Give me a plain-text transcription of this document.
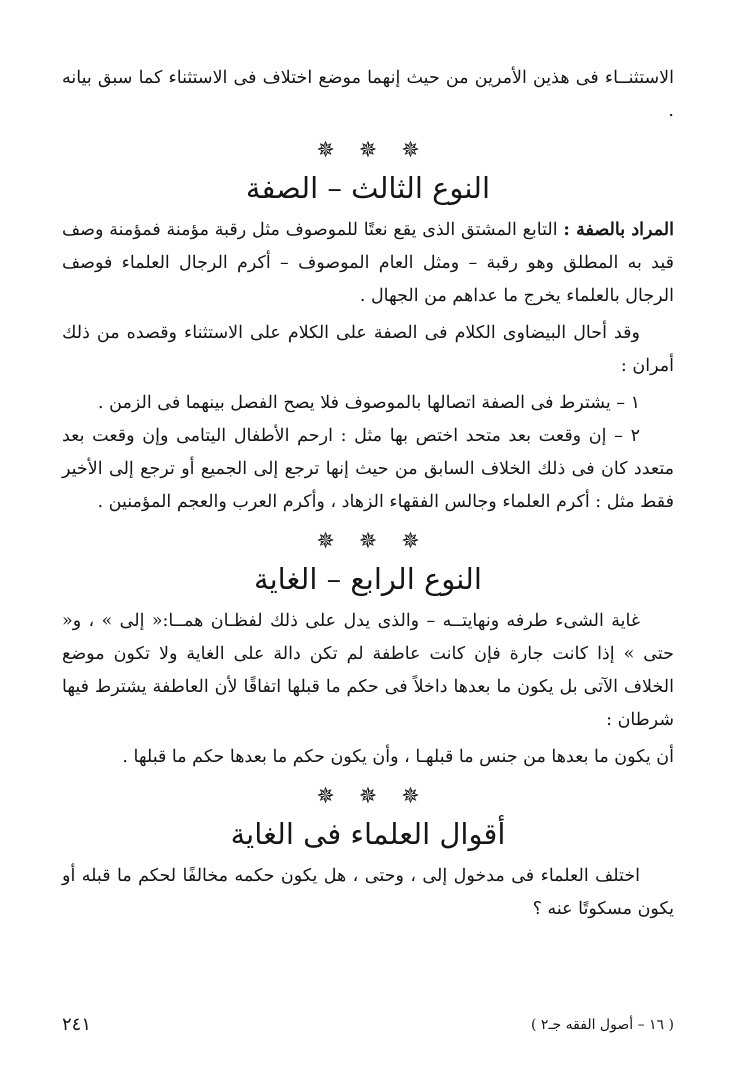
الاستثنــاء فى هذين الأمرين من حيث إنهما موضع اختلاف فى الاستثناء كما سبق بيانه .

✵✵✵
النوع الثالث – الصفة

المراد بالصفة : التابع المشتق الذى يقع نعتًا للموصوف مثل رقبة مؤمنة فمؤمنة وصف قيد به المطلق وهو رقبة – ومثل العام الموصوف – أكرم الرجال العلماء فوصف الرجال بالعلماء يخرج ما عداهم من الجهال .

وقد أحال البيضاوى الكلام فى الصفة على الكلام على الاستثناء وقصده من ذلك أمران :

١ – يشترط فى الصفة اتصالها بالموصوف فلا يصح الفصل بينهما فى الزمن .

٢ – إن وقعت بعد متحد اختص بها مثل : ارحم الأطفال اليتامى وإن وقعت بعد متعدد كان فى ذلك الخلاف السابق من حيث إنها ترجع إلى الجميع أو ترجع إلى الأخير فقط مثل : أكرم العلماء وجالس الفقهاء الزهاد ، وأكرم العرب والعجم المؤمنين .

✵✵✵
النوع الرابع – الغاية

غاية الشىء طرفه ونهايتــه – والذى يدل على ذلك لفظـان همــا:« إلى » ، و« حتى » إذا كانت جارة فإن كانت عاطفة لم تكن دالة على الغاية ولا تكون موضع الخلاف الآتى بل يكون ما بعدها داخلاً فى حكم ما قبلها اتفاقًا لأن العاطفة يشترط فيها شرطان :

أن يكون ما بعدها من جنس ما قبلهـا ، وأن يكون حكم ما بعدها حكم ما قبلها .

✵✵✵
أقوال العلماء فى الغاية

اختلف العلماء فى مدخول إلى ، وحتى ، هل يكون حكمه مخالفًا لحكم ما قبله أو يكون مسكوتًا عنه ؟

( ١٦ – أصول الفقه جـ٢ )
٢٤١
